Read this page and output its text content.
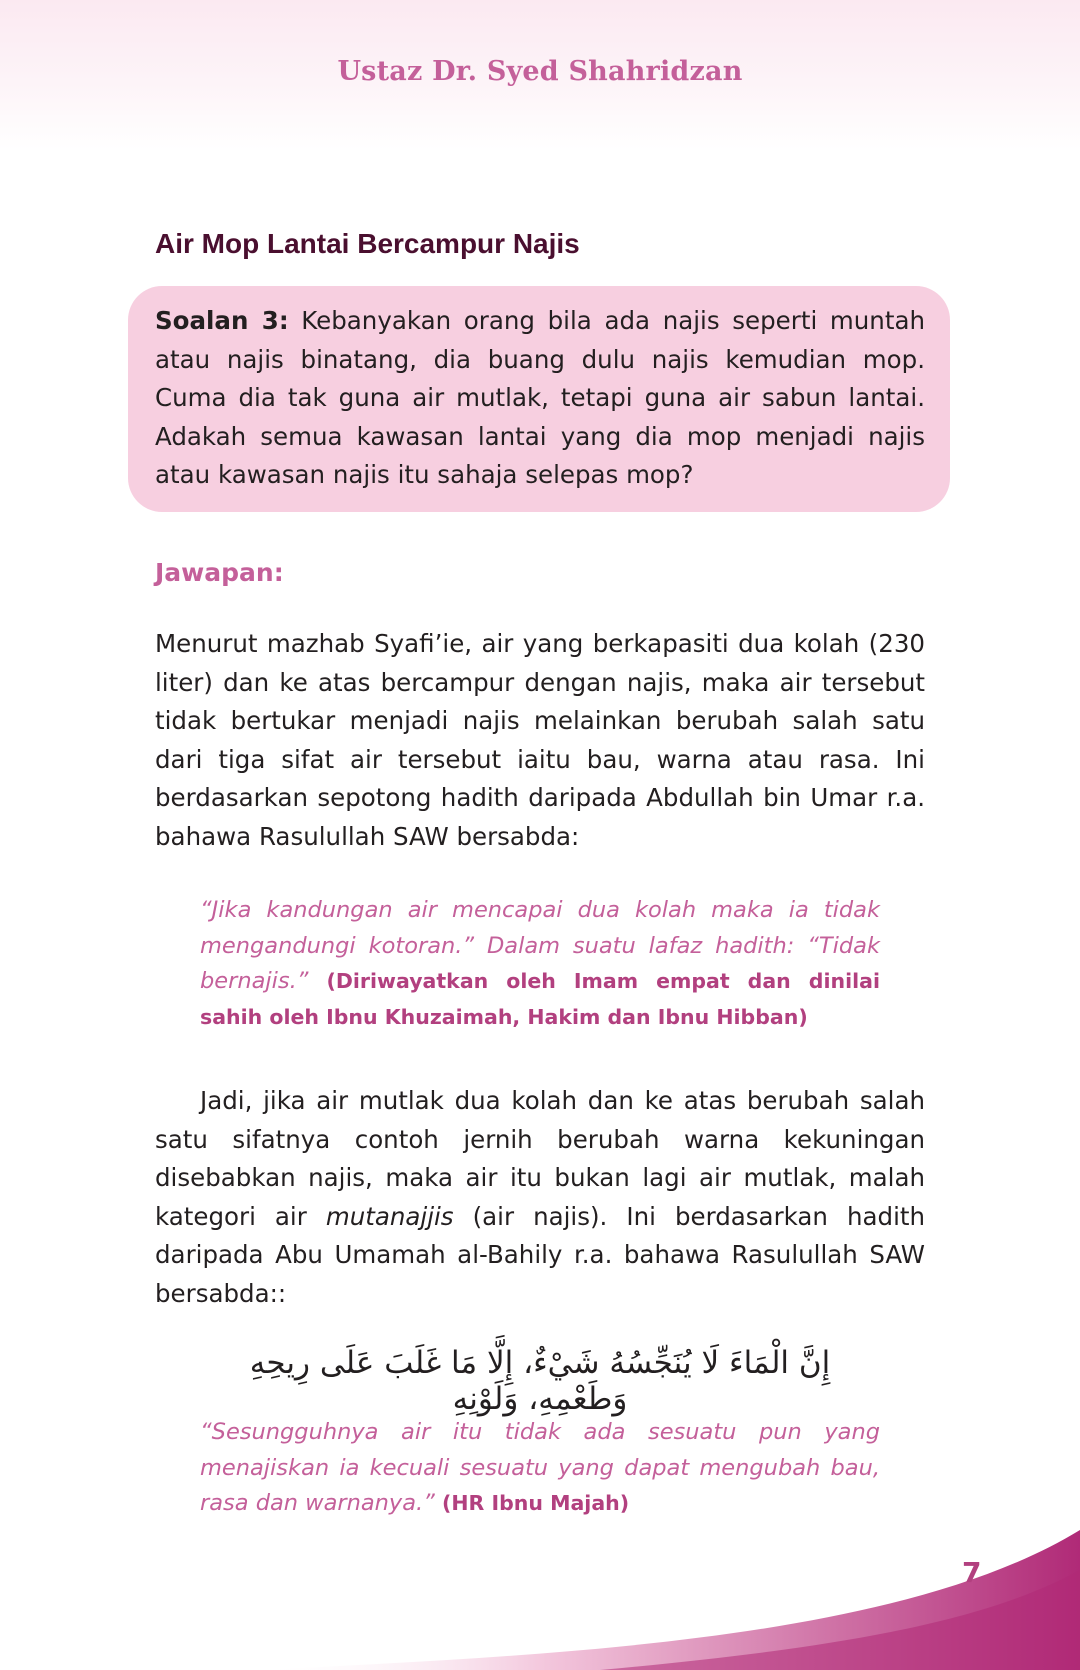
Ustaz Dr. Syed Shahridzan
Air Mop Lantai Bercampur Najis
Soalan 3: Kebanyakan orang bila ada najis seperti muntah atau najis binatang, dia buang dulu najis kemudian mop. Cuma dia tak guna air mutlak, tetapi guna air sabun lantai. Adakah semua kawasan lantai yang dia mop menjadi najis atau kawasan najis itu sahaja selepas mop?
Jawapan:
Menurut mazhab Syafi’ie, air yang berkapasiti dua kolah (230 liter) dan ke atas bercampur dengan najis, maka air tersebut tidak bertukar menjadi najis melainkan berubah salah satu dari tiga sifat air tersebut iaitu bau, warna atau rasa. Ini berdasarkan sepotong hadith daripada Abdullah bin Umar r.a. bahawa Rasulullah SAW bersabda:
“Jika kandungan air mencapai dua kolah maka ia tidak mengandungi kotoran.” Dalam suatu lafaz hadith: “Tidak bernajis.” (Diriwayatkan oleh Imam empat dan dinilai sahih oleh Ibnu Khuzaimah, Hakim dan Ibnu Hibban)
Jadi, jika air mutlak dua kolah dan ke atas berubah salah satu sifatnya contoh jernih berubah warna kekuningan disebabkan najis, maka air itu bukan lagi air mutlak, malah kategori air mutanajjis (air najis). Ini berdasarkan hadith daripada Abu Umamah al-Bahily r.a. bahawa Rasulullah SAW bersabda::
إِنَّ الْمَاءَ لَا يُنَجِّسُهُ شَيْءٌ، إِلَّا مَا غَلَبَ عَلَى رِيحِهِ وَطَعْمِهِ، وَلَوْنِهِ
“Sesungguhnya air itu tidak ada sesuatu pun yang menajiskan ia kecuali sesuatu yang dapat mengubah bau, rasa dan warnanya.” (HR Ibnu Majah)
7
